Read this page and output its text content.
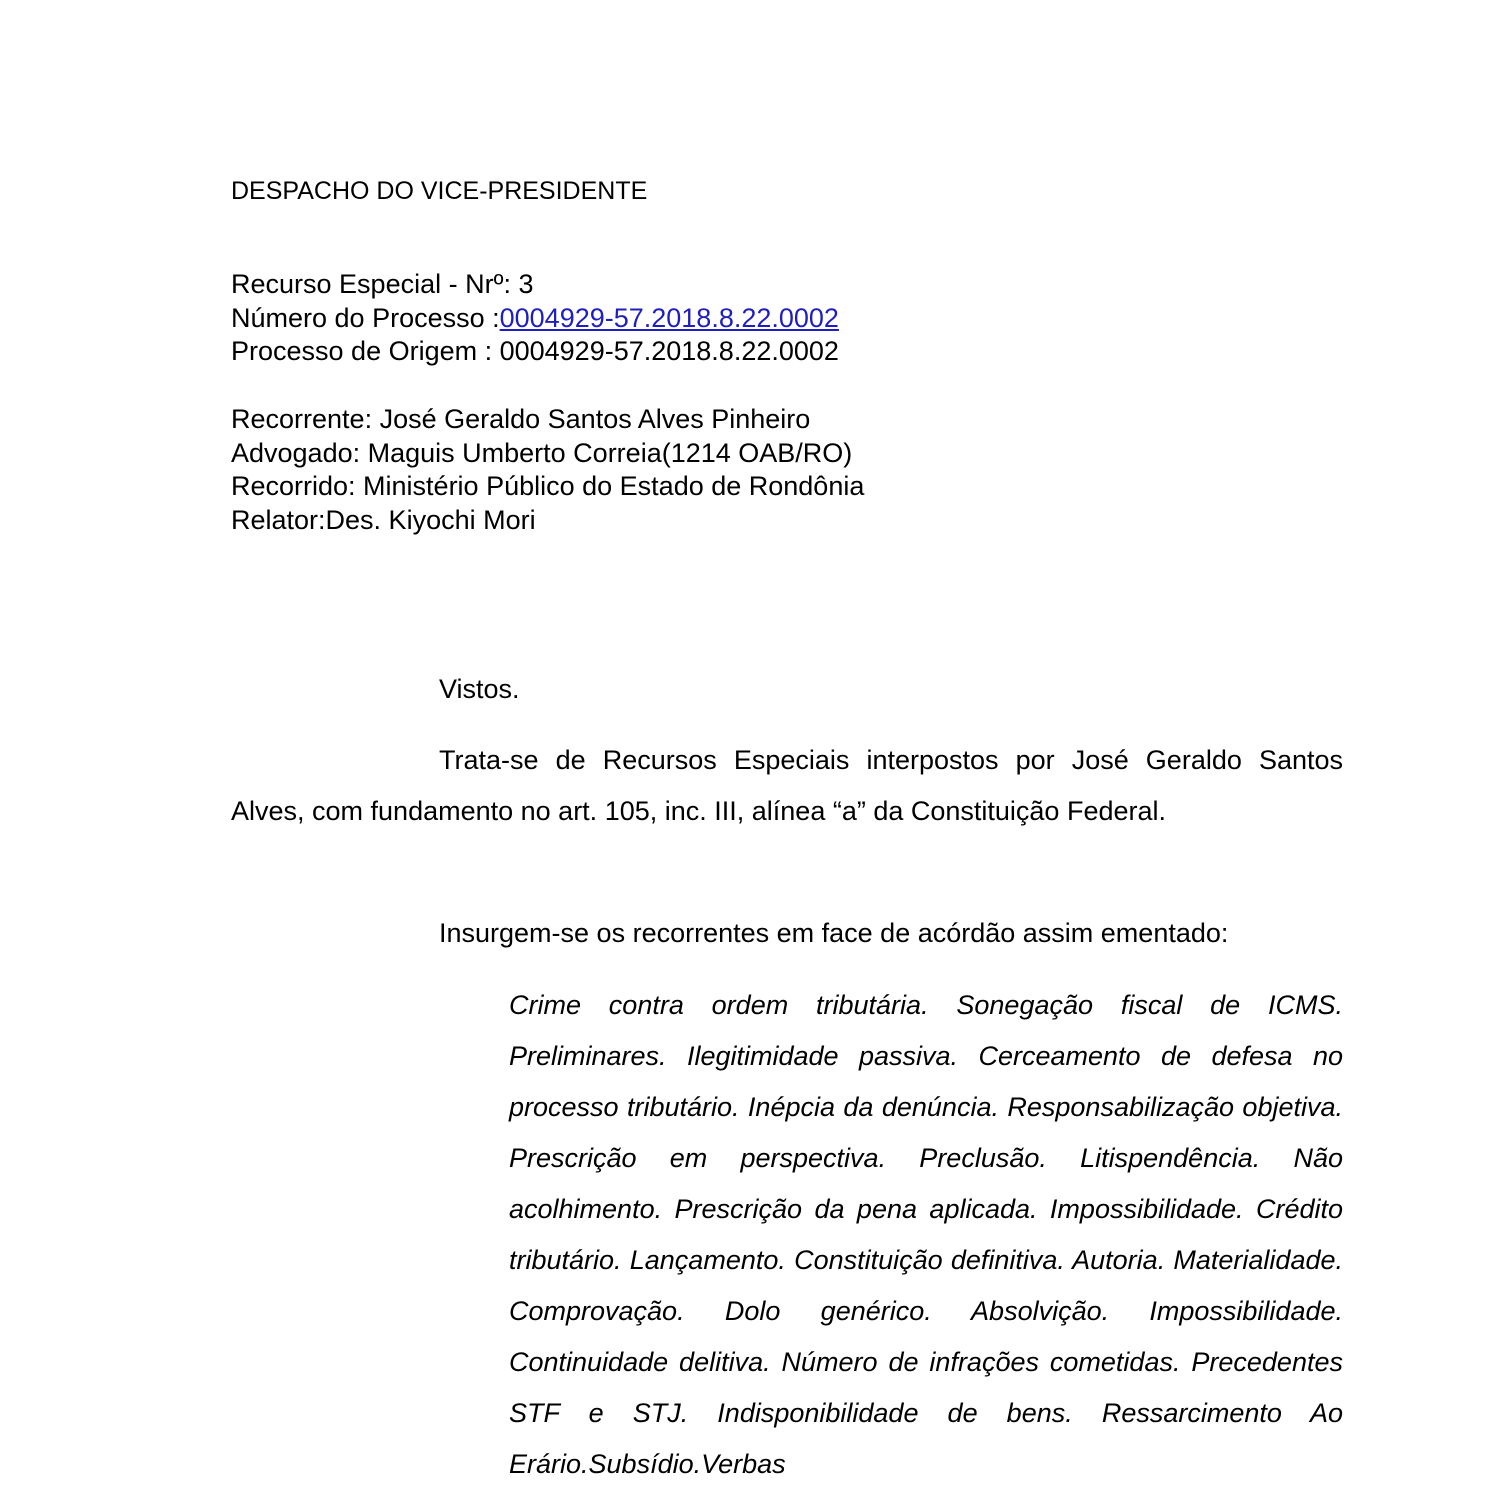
DESPACHO DO VICE-PRESIDENTE
Recurso Especial - Nrº: 3
Número do Processo :0004929-57.2018.8.22.0002
Processo de Origem : 0004929-57.2018.8.22.0002
Recorrente: José Geraldo Santos Alves Pinheiro
Advogado: Maguis Umberto Correia(1214 OAB/RO)
Recorrido: Ministério Público do Estado de Rondônia
Relator:Des. Kiyochi Mori
Vistos.
Trata-se de Recursos Especiais interpostos por José Geraldo Santos Alves, com fundamento no art. 105, inc. III, alínea “a” da Constituição Federal.
Insurgem-se os recorrentes em face de acórdão assim ementado:
Crime contra ordem tributária. Sonegação fiscal de ICMS. Preliminares. Ilegitimidade passiva. Cerceamento de defesa no processo tributário. Inépcia da denúncia. Responsabilização objetiva. Prescrição em perspectiva. Preclusão. Litispendência. Não acolhimento. Prescrição da pena aplicada. Impossibilidade. Crédito tributário. Lançamento. Constituição definitiva. Autoria. Materialidade. Comprovação. Dolo genérico. Absolvição. Impossibilidade. Continuidade delitiva. Número de infrações cometidas. Precedentes STF e STJ. Indisponibilidade de bens. Ressarcimento Ao Erário.Subsídio.Verbas
